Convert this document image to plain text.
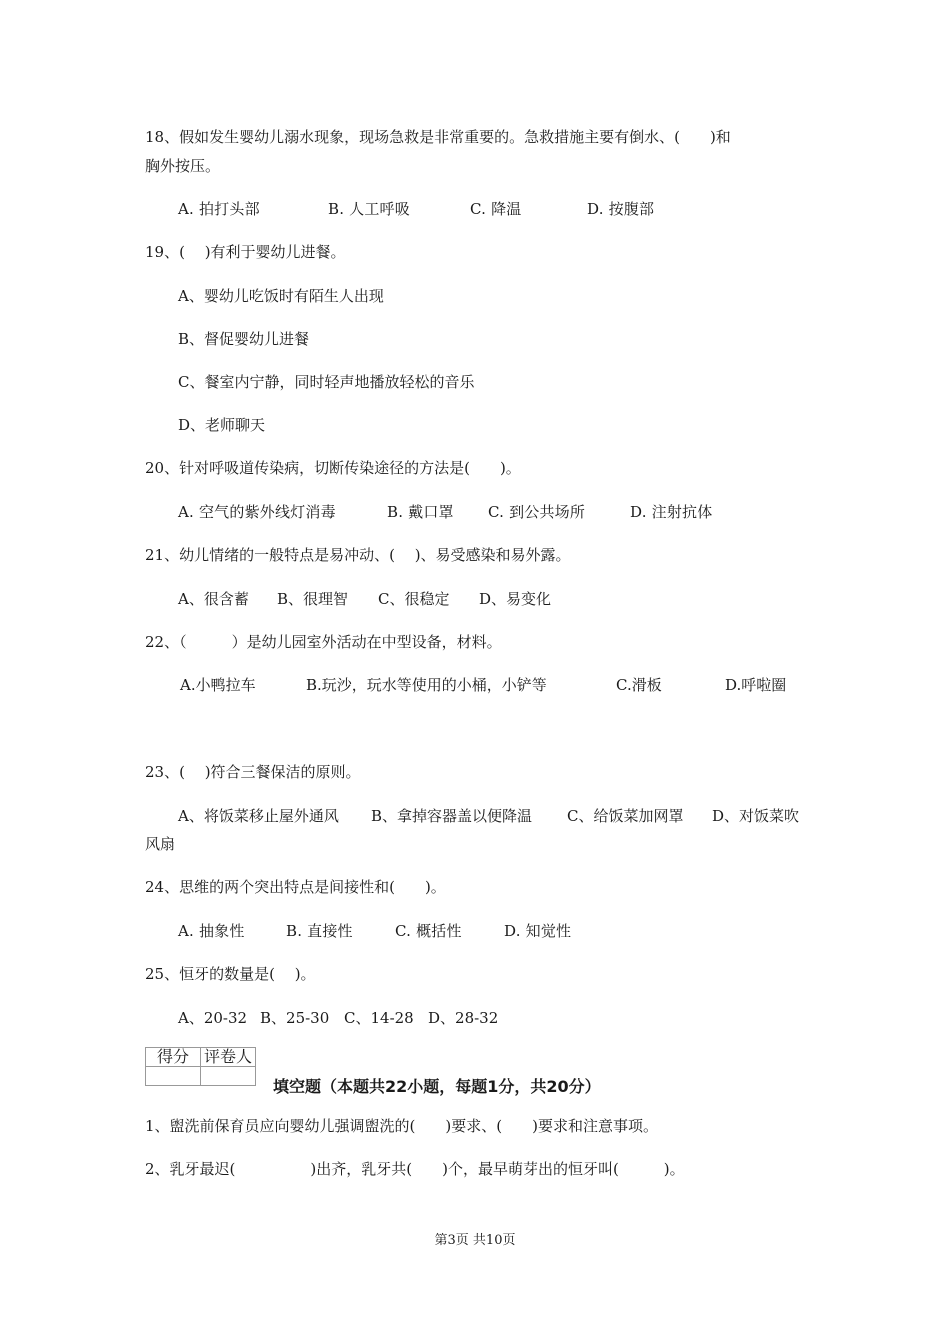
18、假如发生婴幼儿溺水现象，现场急救是非常重要的。急救措施主要有倒水、(　　)和
胸外按压。
A. 拍打头部	B. 人工呼吸	C. 降温	D. 按腹部
19、(　 )有利于婴幼儿进餐。
A、婴幼儿吃饭时有陌生人出现
B、督促婴幼儿进餐
C、餐室内宁静，同时轻声地播放轻松的音乐
D、老师聊天
20、针对呼吸道传染病，切断传染途径的方法是(　　)。
A. 空气的紫外线灯消毒	B. 戴口罩 C. 到公共场所	D. 注射抗体
21、幼儿情绪的一般特点是易冲动、(　 )、易受感染和易外露。
A、很含蓄 B、很理智 C、很稳定 D、易变化
22、（　　　）是幼儿园室外活动在中型设备，材料。
A.小鸭拉车	B.玩沙，玩水等使用的小桶，小铲等	C.滑板	D.呼啦圈
23、(　 )符合三餐保洁的原则。
A、将饭菜移止屋外通风 B、拿掉容器盖以便降温 C、给饭菜加网罩 D、对饭菜吹
风扇
24、思维的两个突出特点是间接性和(　　)。
A. 抽象性	B. 直接性	C. 概括性	D. 知觉性
25、恒牙的数量是(　 )。
A、20-32 B、25-30 C、14-28 D、28-32
得分	评卷人

填空题（本题共22小题，每题1分，共20分）
1、盥洗前保育员应向婴幼儿强调盥洗的(　　)要求、(　　)要求和注意事项。
2、乳牙最迟(　　　　　)出齐，乳牙共(　　)个，最早萌芽出的恒牙叫(　　　)。
第3页 共10页
